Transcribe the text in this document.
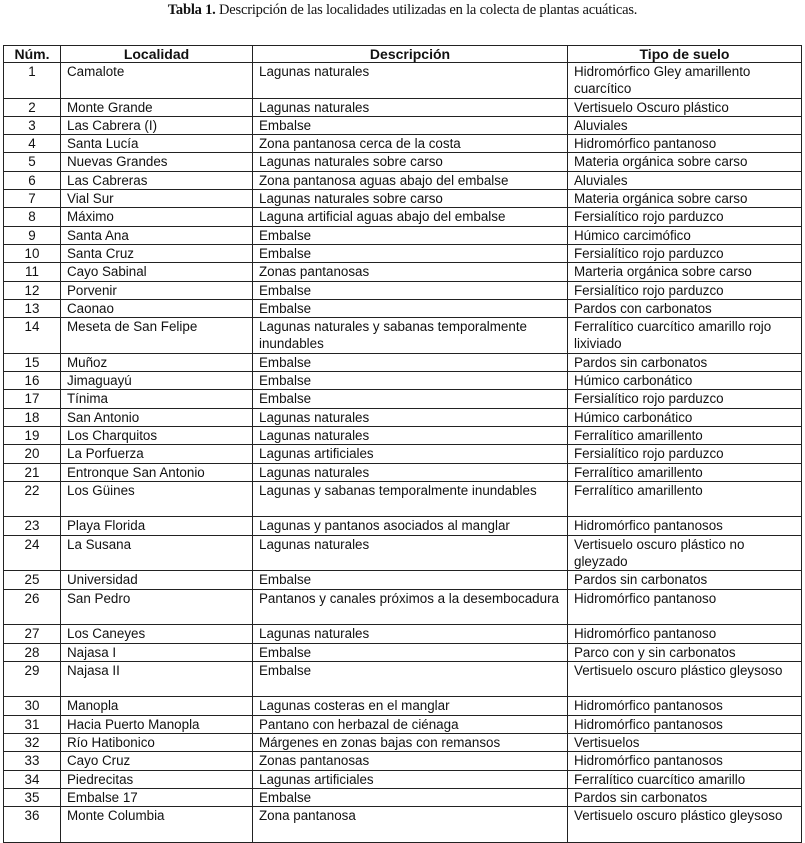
Tabla 1. Descripción de las localidades utilizadas en la colecta de plantas acuáticas.
Núm.	Localidad	Descripción	Tipo de suelo
1	Camalote	Lagunas naturales	Hidromórfico Gley amarillento cuarcítico
2	Monte Grande	Lagunas naturales	Vertisuelo Oscuro plástico
3	Las Cabrera (I)	Embalse	Aluviales
4	Santa Lucía	Zona pantanosa cerca de la costa	Hidromórfico pantanoso
5	Nuevas Grandes	Lagunas naturales sobre carso	Materia orgánica sobre carso
6	Las Cabreras	Zona pantanosa aguas abajo del embalse	Aluviales
7	Vial Sur	Lagunas naturales sobre carso	Materia orgánica sobre carso
8	Máximo	Laguna artificial aguas abajo del embalse	Fersialítico rojo parduzco
9	Santa Ana	Embalse	Húmico carcimófico
10	Santa Cruz	Embalse	Fersialítico rojo parduzco
11	Cayo Sabinal	Zonas pantanosas	Marteria orgánica sobre carso
12	Porvenir	Embalse	Fersialítico rojo parduzco
13	Caonao	Embalse	Pardos con carbonatos
14	Meseta de San Felipe	Lagunas naturales y sabanas temporalmente inundables	Ferralítico cuarcítico amarillo rojo lixiviado
15	Muñoz	Embalse	Pardos sin carbonatos
16	Jimaguayú	Embalse	Húmico carbonático
17	Tínima	Embalse	Fersialítico rojo parduzco
18	San Antonio	Lagunas naturales	Húmico carbonático
19	Los Charquitos	Lagunas naturales	Ferralítico amarillento
20	La Porfuerza	Lagunas artificiales	Fersialítico rojo parduzco
21	Entronque San Antonio	Lagunas naturales	Ferralítico amarillento
22	Los Güines	Lagunas y sabanas temporalmente inundables	Ferralítico amarillento
23	Playa Florida	Lagunas y pantanos asociados al manglar	Hidromórfico pantanosos
24	La Susana	Lagunas naturales	Vertisuelo oscuro plástico no gleyzado
25	Universidad	Embalse	Pardos sin carbonatos
26	San Pedro	Pantanos y canales próximos a la desembocadura	Hidromórfico pantanoso
27	Los Caneyes	Lagunas naturales	Hidromórfico pantanoso
28	Najasa I	Embalse	Parco con y sin carbonatos
29	Najasa II	Embalse	Vertisuelo oscuro plástico gleysoso
30	Manopla	Lagunas costeras en el manglar	Hidromórfico pantanosos
31	Hacia Puerto Manopla	Pantano con herbazal de ciénaga	Hidromórfico pantanosos
32	Río Hatibonico	Márgenes en zonas bajas con remansos	Vertisuelos
33	Cayo Cruz	Zonas pantanosas	Hidromórfico pantanosos
34	Piedrecitas	Lagunas artificiales	Ferralítico cuarcítico amarillo
35	Embalse 17	Embalse	Pardos sin carbonatos
36	Monte Columbia	Zona pantanosa	Vertisuelo oscuro plástico gleysoso
